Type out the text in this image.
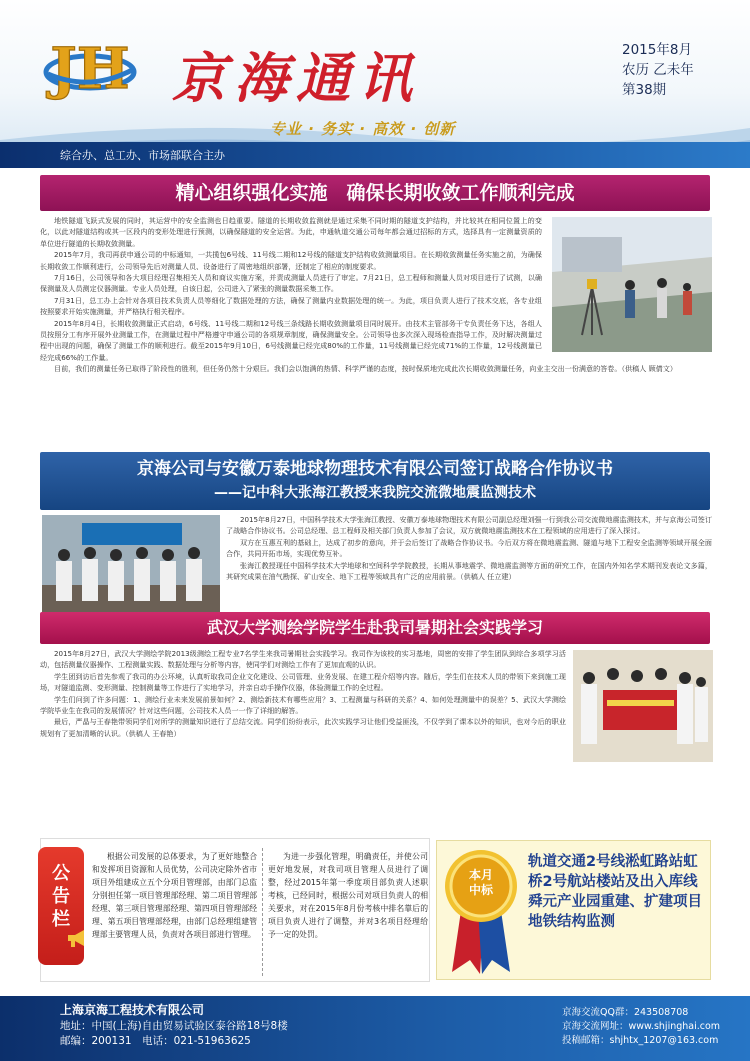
JH 京海通讯
专业 · 务实 · 高效 · 创新
2015年8月
农历 乙未年
第38期
综合办、总工办、市场部联合主办
精心组织强化实施　确保长期收敛工作顺利完成

地铁隧道飞跃式发展的同时，其运营中的安全监测也日趋重要。隧道的长期收敛监测就是通过采集不同时期的隧道支护结构，并比较其在相同位置上的变化，以此对隧道结构或其一区段内的变形处理进行预测，以确保隧道的安全运营。为此，申通轨道交通公司每年都会通过招标的方式，选择具有一定测量资质的单位进行隧道的长期收敛测量。

2015年7月，我司再获申通公司的中标通知，一共揽包6号线、11号线二期和12号线的隧道支护结构收敛测量项目。在长期收敛测量任务实施之前，为确保长期收敛工作顺利进行，公司领导先后对测量人员、设备进行了周密地组织部署，还制定了相应的制度要求。

7月16日，公司领导和各大项目经理召集相关人员和商议实施方案，并责成测量人员进行了审定。7月21日，总工程师和测量人员对项目进行了试测，以确保测量及人员测定仪器测量。专业人员处理，自该日起，公司进入了紧张的测量数据采集工作。

7月31日，总工办上会针对各项目技术负责人员等细化了数据处理的方法，确保了测量内业数据处理的统一。为此，项目负责人进行了技术交底，各专业组按照要求开始实施测量，并严格执行相关程序。

2015年8月4日，长期收敛测量正式启动，6号线、11号线二期和12号线三条线路长期收敛测量项目同时展开。由技术主管部务干专负责任务下达，各组人员按照分工有序开展外业测量工作，在测量过程中严格遵守申通公司的各项规章制度，确保测量安全。公司领导也多次深入现场检查指导工作，及时解决测量过程中出现的问题，确保了测量工作的顺利进行。截至2015年9月10日，6号线测量已经完成80%的工作量，11号线测量已经完成71%的工作量，12号线测量已经完成66%的工作量。

目前，我们的测量任务已取得了阶段性的胜利，但任务仍然十分艰巨。我们会以饱满的热情、科学严谨的态度，按时保质地完成此次长期收敛测量任务，向业主交出一份满意的答卷。（供稿人 顾倩文）

京海公司与安徽万泰地球物理技术有限公司签订战略合作协议书
——记中科大张海江教授来我院交流微地震监测技术

2015年8月27日，中国科学技术大学张海江教授、安徽万泰地球物理技术有限公司副总经理刘强一行到我公司交流微地震监测技术，并与京海公司签订了战略合作协议书。公司总经理、总工程师及相关部门负责人参加了会议，双方就微地震监测技术在工程领域的应用进行了深入探讨。

双方在互惠互利的基础上，达成了初步的意向，并于会后签订了战略合作协议书。今后双方将在微地震监测、隧道与地下工程安全监测等领域开展全面合作，共同开拓市场，实现优势互补。

张海江教授现任中国科学技术大学地球和空间科学学院教授，长期从事地震学、微地震监测等方面的研究工作，在国内外知名学术期刊发表论文多篇，其研究成果在油气勘探、矿山安全、地下工程等领域具有广泛的应用前景。（供稿人 任立建）

武汉大学测绘学院学生赴我司暑期社会实践学习

2015年8月27日，武汉大学测绘学院2013级测绘工程专业7名学生来我司暑期社会实践学习。我司作为该校的实习基地，周密的安排了学生团队到综合多项学习活动，包括测量仪器操作、工程测量实践、数据处理与分析等内容，使同学们对测绘工作有了更加直观的认识。

学生团到访后首先参观了我司的办公环境，认真听取我司企业文化建设、公司管理、业务发展、在建工程介绍等内容。随后，学生们在技术人员的带领下来到施工现场，对隧道监测、变形测量、控制测量等工作进行了实地学习，并亲自动手操作仪器，体验测量工作的全过程。

学生们问到了许多问题：1、测绘行业未来发展前景如何？2、测绘新技术有哪些应用？3、工程测量与科研的关系？4、如何处理测量中的误差？5、武汉大学测绘学院毕业生在我司的发展情况？针对这些问题，公司技术人员一一作了详细的解答。

最后，严晶与王春艳带领同学们对所学的测量知识进行了总结交流。同学们纷纷表示，此次实践学习让他们受益匪浅，不仅学到了课本以外的知识，也对今后的职业规划有了更加清晰的认识。（供稿人 王春艳）

公告栏
根据公司发展的总体要求，为了更好地整合和发挥项目资源和人员优势，公司决定除外省市项目外组建成立五个分项目管理部，由部门总监分别担任第一项目管理部经理、第二项目管理部经理、第三项目管理部经理、第四项目管理部经理、第五项目管理部经理，由部门总经理组建管理部主要管理人员，负责对各项目部进行管理。
为进一步强化管理，明确责任，并使公司更好地发展，对我司项目管理人员进行了调整，经过2015年第一季度项目部负责人述职考核，已经同时，根据公司对项目负责人的相关要求，对在2015年8月份考核中排名靠后的项目负责人进行了调整，并对3名项目经理给予一定的处罚。
本月中标
轨道交通2号线淞虹路站虹桥2号航站楼站及出入库线舜元产业园重建、扩建项目地铁结构监测
上海京海工程技术有限公司
地址：中国(上海)自由贸易试验区泰谷路18号8楼
邮编：200131　电话：021-51963625
京海交流QQ群：243508708
京海交流网址：www.shjinghai.com
投稿邮箱：shjhtx_1207@163.com
